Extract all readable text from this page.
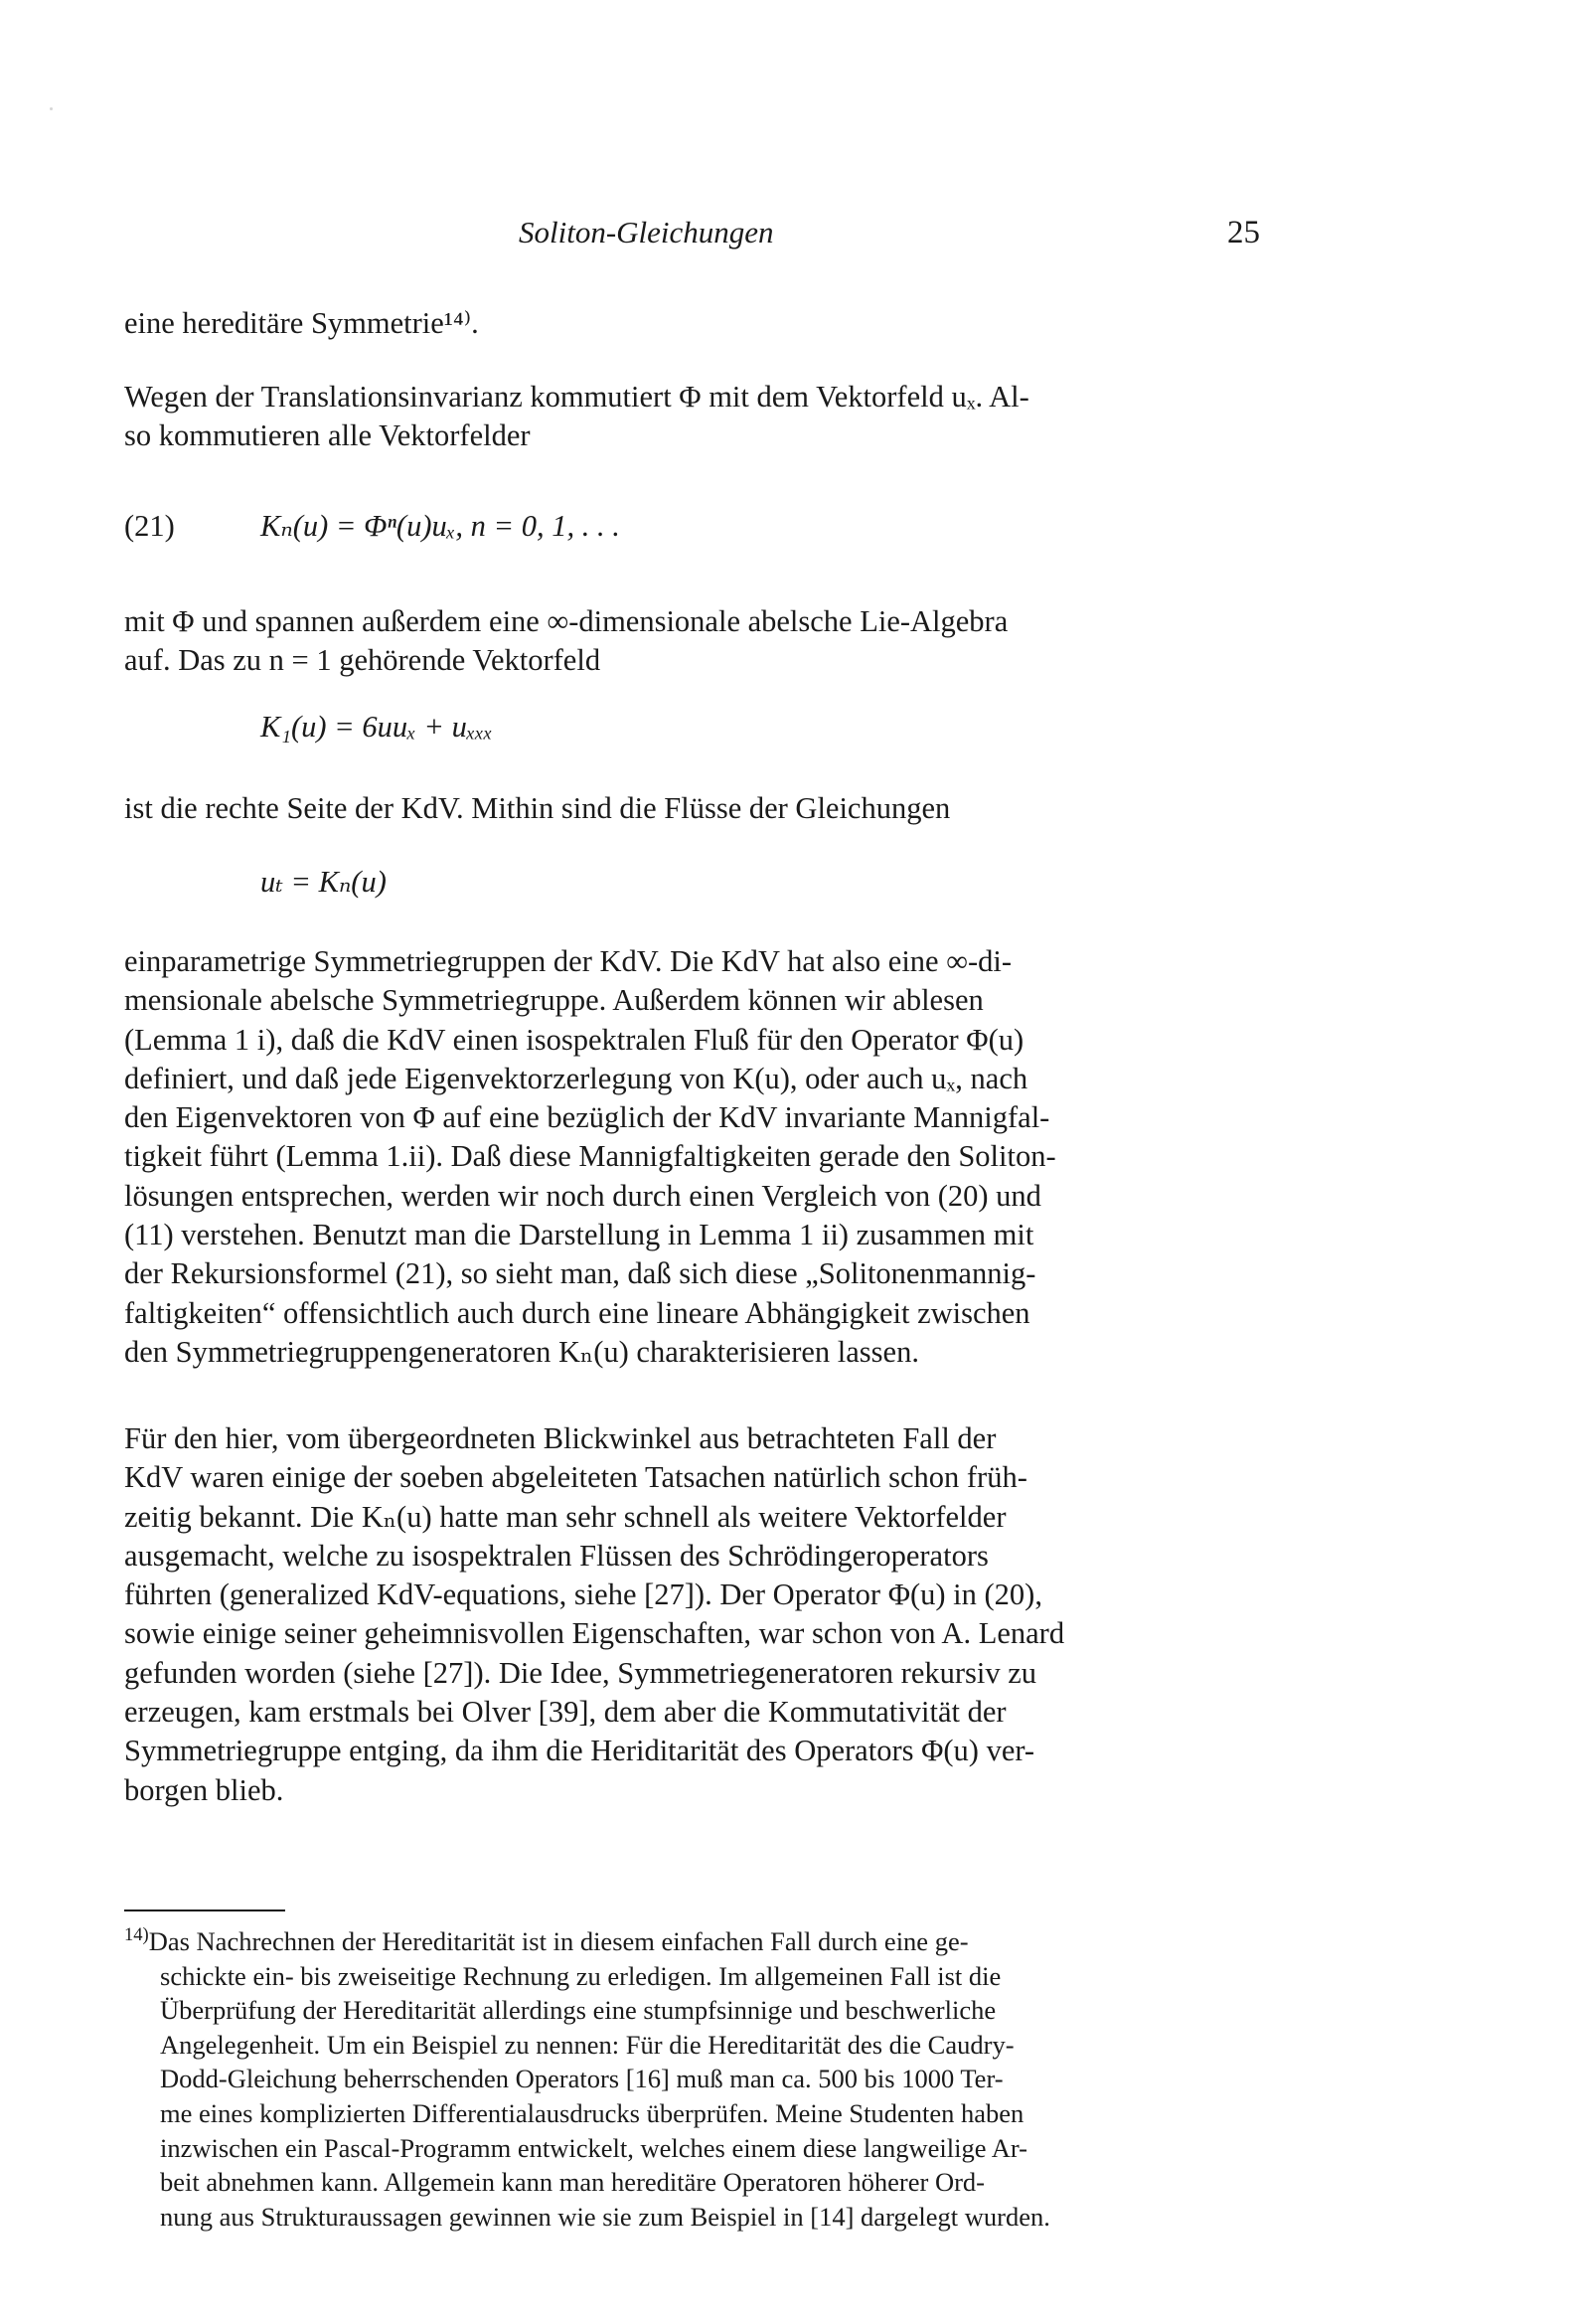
Soliton-Gleichungen	25

eine hereditäre Symmetrie¹⁴⁾.

Wegen der Translationsinvarianz kommutiert Φ mit dem Vektorfeld uₓ. Al-
so kommutieren alle Vektorfelder

(21)	Kₙ(u) = Φⁿ(u)uₓ, n = 0, 1, . . .

mit Φ und spannen außerdem eine ∞-dimensionale abelsche Lie-Algebra
auf. Das zu n = 1 gehörende Vektorfeld

K₁(u) = 6uuₓ + uₓₓₓ

ist die rechte Seite der KdV. Mithin sind die Flüsse der Gleichungen

uₜ = Kₙ(u)

einparametrige Symmetriegruppen der KdV. Die KdV hat also eine ∞-di-
mensionale abelsche Symmetriegruppe. Außerdem können wir ablesen
(Lemma 1 i), daß die KdV einen isospektralen Fluß für den Operator Φ(u)
definiert, und daß jede Eigenvektorzerlegung von K(u), oder auch uₓ, nach
den Eigenvektoren von Φ auf eine bezüglich der KdV invariante Mannigfal-
tigkeit führt (Lemma 1.ii). Daß diese Mannigfaltigkeiten gerade den Soliton-
lösungen entsprechen, werden wir noch durch einen Vergleich von (20) und
(11) verstehen. Benutzt man die Darstellung in Lemma 1 ii) zusammen mit
der Rekursionsformel (21), so sieht man, daß sich diese „Solitonenmannig-
faltigkeiten“ offensichtlich auch durch eine lineare Abhängigkeit zwischen
den Symmetriegruppengeneratoren Kₙ(u) charakterisieren lassen.

Für den hier, vom übergeordneten Blickwinkel aus betrachteten Fall der
KdV waren einige der soeben abgeleiteten Tatsachen natürlich schon früh-
zeitig bekannt. Die Kₙ(u) hatte man sehr schnell als weitere Vektorfelder
ausgemacht, welche zu isospektralen Flüssen des Schrödingeroperators
führten (generalized KdV-equations, siehe [27]). Der Operator Φ(u) in (20),
sowie einige seiner geheimnisvollen Eigenschaften, war schon von A. Lenard
gefunden worden (siehe [27]). Die Idee, Symmetriegeneratoren rekursiv zu
erzeugen, kam erstmals bei Olver [39], dem aber die Kommutativität der
Symmetriegruppe entging, da ihm die Heriditarität des Operators Φ(u) ver-
borgen blieb.

$^{14)}$Das Nachrechnen der Hereditarität ist in diesem einfachen Fall durch eine ge-
schickte ein- bis zweiseitige Rechnung zu erledigen. Im allgemeinen Fall ist die
Überprüfung der Hereditarität allerdings eine stumpfsinnige und beschwerliche
Angelegenheit. Um ein Beispiel zu nennen: Für die Hereditarität des die Caudry-
Dodd-Gleichung beherrschenden Operators [16] muß man ca. 500 bis 1000 Ter-
me eines komplizierten Differentialausdrucks überprüfen. Meine Studenten haben
inzwischen ein Pascal-Programm entwickelt, welches einem diese langweilige Ar-
beit abnehmen kann. Allgemein kann man hereditäre Operatoren höherer Ord-
nung aus Strukturaussagen gewinnen wie sie zum Beispiel in [14] dargelegt wurden.
